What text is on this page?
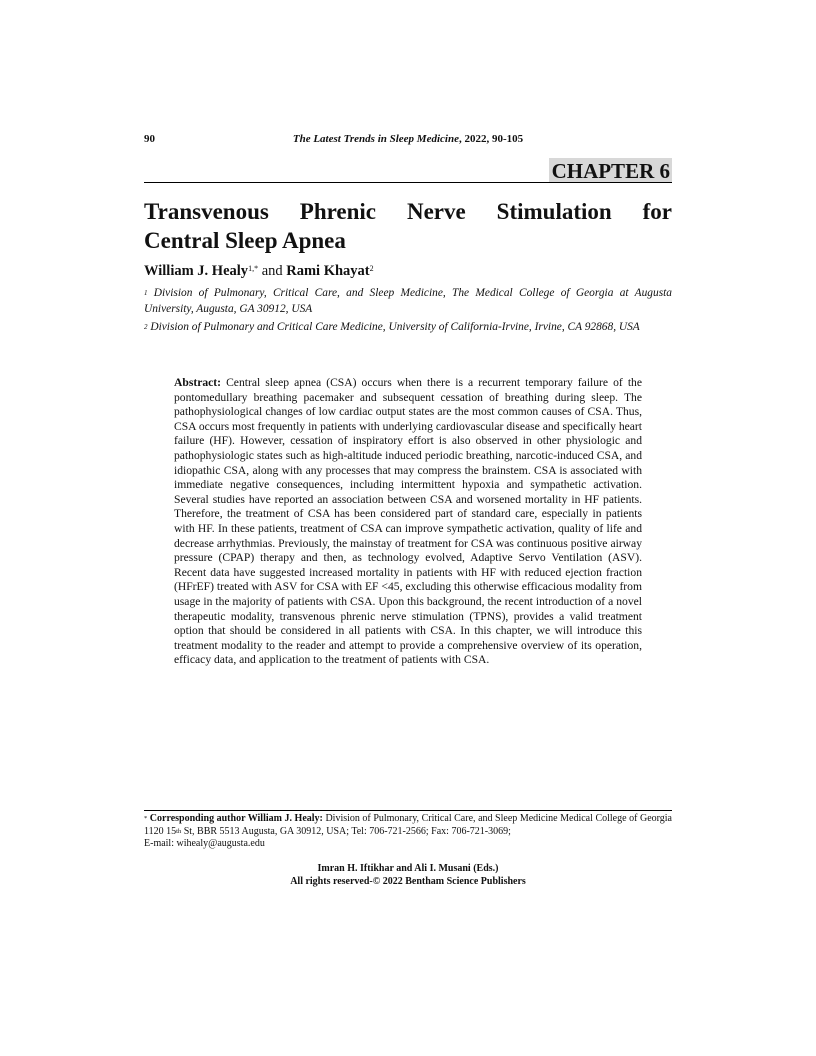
90	The Latest Trends in Sleep Medicine, 2022, 90-105
CHAPTER 6
Transvenous Phrenic Nerve Stimulation for
Central Sleep Apnea
William J. Healy$^{1,*}$ and Rami Khayat$^2$
$^1$ Division of Pulmonary, Critical Care, and Sleep Medicine, The Medical College of Georgia at Augusta University, Augusta, GA 30912, USA
$^2$ Division of Pulmonary and Critical Care Medicine, University of California-Irvine, Irvine, CA 92868, USA
Abstract: Central sleep apnea (CSA) occurs when there is a recurrent temporary failure of the pontomedullary breathing pacemaker and subsequent cessation of breathing during sleep. The pathophysiological changes of low cardiac output states are the most common causes of CSA. Thus, CSA occurs most frequently in patients with underlying cardiovascular disease and specifically heart failure (HF). However, cessation of inspiratory effort is also observed in other physiologic and pathophysiologic states such as high-altitude induced periodic breathing, narcotic-induced CSA, and idiopathic CSA, along with any processes that may compress the brainstem. CSA is associated with immediate negative consequences, including intermittent hypoxia and sympathetic activation. Several studies have reported an association between CSA and worsened mortality in HF patients. Therefore, the treatment of CSA has been considered part of standard care, especially in patients with HF. In these patients, treatment of CSA can improve sympathetic activation, quality of life and decrease arrhythmias. Previously, the mainstay of treatment for CSA was continuous positive airway pressure (CPAP) therapy and then, as technology evolved, Adaptive Servo Ventilation (ASV). Recent data have suggested increased mortality in patients with HF with reduced ejection fraction (HFrEF) treated with ASV for CSA with EF <45, excluding this otherwise efficacious modality from usage in the majority of patients with CSA. Upon this background, the recent introduction of a novel therapeutic modality, transvenous phrenic nerve stimulation (TPNS), provides a valid treatment option that should be considered in all patients with CSA. In this chapter, we will introduce this treatment modality to the reader and attempt to provide a comprehensive overview of its operation, efficacy data, and application to the treatment of patients with CSA.
* Corresponding author William J. Healy: Division of Pulmonary, Critical Care, and Sleep Medicine Medical College of Georgia 1120 15th St, BBR 5513 Augusta, GA 30912, USA; Tel: 706-721-2566; Fax: 706-721-3069;
E-mail: wihealy@augusta.edu
Imran H. Iftikhar and Ali I. Musani (Eds.)
All rights reserved-© 2022 Bentham Science Publishers
